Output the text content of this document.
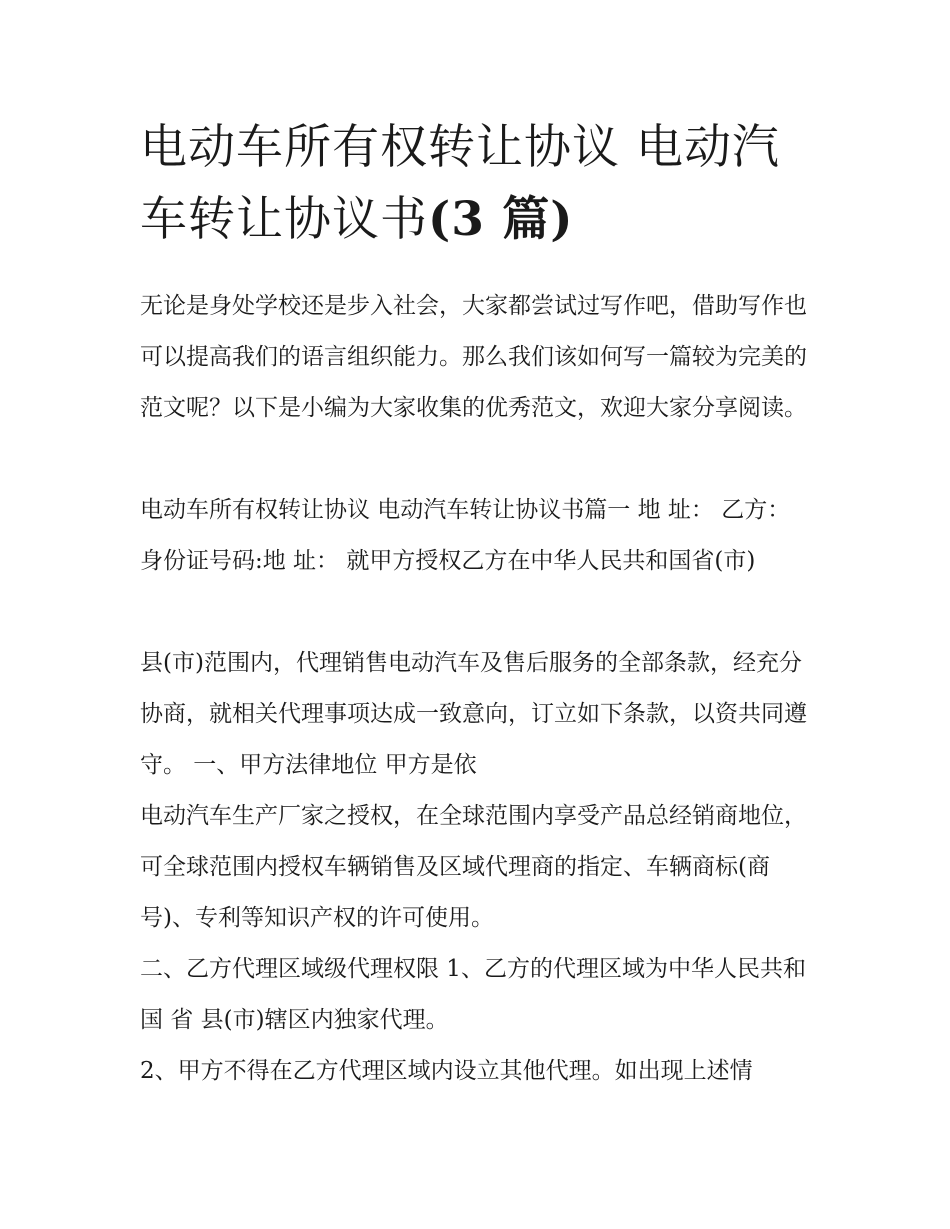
电动车所有权转让协议 电动汽车转让协议书(3 篇)

无论是身处学校还是步入社会，大家都尝试过写作吧，借助写作也可以提高我们的语言组织能力。那么我们该如何写一篇较为完美的范文呢？以下是小编为大家收集的优秀范文，欢迎大家分享阅读。

电动车所有权转让协议 电动汽车转让协议书篇一 地 址： 乙方： 身份证号码:地 址： 就甲方授权乙方在中华人民共和国省(市)

县(市)范围内，代理销售电动汽车及售后服务的全部条款，经充分协商，就相关代理事项达成一致意向，订立如下条款，以资共同遵守。 一、甲方法律地位 甲方是依

电动汽车生产厂家之授权，在全球范围内享受产品总经销商地位，可全球范围内授权车辆销售及区域代理商的指定、车辆商标(商号)、专利等知识产权的许可使用。

二、乙方代理区域级代理权限 1、乙方的代理区域为中华人民共和国 省 县(市)辖区内独家代理。

2、甲方不得在乙方代理区域内设立其他代理。如出现上述情
